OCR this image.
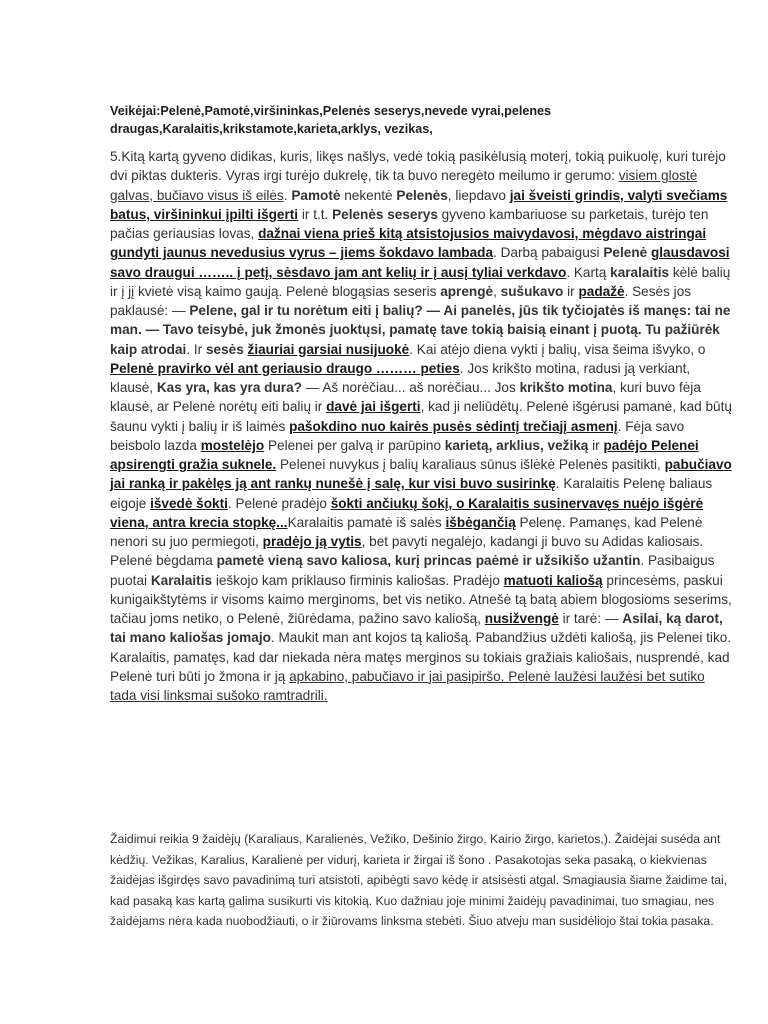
Veikėjai:Pelenė,Pamotė,viršininkas,Pelenės seserys,nevede vyrai,pelenes draugas,Karalaitis,krikstamote,karieta,arklys, vezikas,
5.Kitą kartą gyveno didikas, kuris, likęs našlys, vedė tokią pasikėlusią moterį, tokią puikuolę, kuri turėjo dvi piktas dukteris. Vyras irgi turėjo dukrelę, tik ta buvo neregėto meilumo ir gerumo: visiem glostė galvas, bučiavo visus iš eilės. Pamotė nekentė Pelenės, liepdavo jai šveisti grindis, valyti svečiams batus, viršininkui įpilti išgerti ir t.t. Pelenės seserys gyveno kambariuose su parketais, turėjo ten pačias geriausias lovas, dažnai viena prieš kitą atsistojusios maivydavosi, mėgdavo aistringai gundyti jaunus nevedusius vyrus – jiems šokdavo lambada. Darbą pabaigusi Pelenė glausdavosi savo draugui …….. į petį, sėsdavo jam ant kelių ir į ausį tyliai verkdavo. Kartą karalaitis kėlė balių ir į jį kvietė visą kaimo gaują. Pelenė blogąsias seseris aprengė, sušukavo ir padažė. Sesės jos paklausė: — Pelene, gal ir tu norėtum eiti į balių? — Ai panelės, jūs tik tyčiojatės iš manęs: tai ne man. — Tavo teisybė, juk žmonės juoktųsi, pamatę tave tokią baisią einant į puotą. Tu pažiūrėk kaip atrodai. Ir sesės žiauriai garsiai nusijuokė. Kai atėjo diena vykti į balių, visa šeima išvyko, o Pelenė pravirko vėl ant geriausio draugo ……… peties. Jos krikšto motina, radusi ją verkiant, klausė, Kas yra, kas yra dura? — Aš norėčiau... aš norėčiau... Jos krikšto motina, kuri buvo fėja klausė, ar Pelenė norėtų eiti balių ir davė jai išgerti, kad ji neliūdėtų. Pelenė išgėrusi pamanė, kad būtų šaunu vykti į balių ir iš laimės pašokdino nuo kairės pusės sėdintį trečiajį asmenį. Fėja savo beisbolo lazda mostelėjo Pelenei per galvą ir parūpino karietą, arklius, vežiką ir padėjo Pelenei apsirengti gražia suknele. Pelenei nuvykus į balių karaliaus sūnus išlėkė Pelenės pasitikti, pabučiavo jai ranką ir pakėlęs ją ant rankų nunešė į salę, kur visi buvo susirinkę. Karalaitis Pelenę baliaus eigoje išvedė šokti. Pelenė pradėjo šokti ančiukų šokį, o Karalaitis susinervavęs nuėjo išgėrė viena, antra krecia stopkę...Karalaitis pamatė iš salės išbėgančią Pelenę. Pamanęs, kad Pelenė nenori su juo permiegoti, pradėjo ją vytis, bet pavyti negalėjo, kadangi ji buvo su Adidas kaliosais. Pelenė bėgdama pametė vieną savo kaliosa, kurį princas paėmė ir užsikišo užantin. Pasibaigus puotai Karalaitis ieškojo kam priklauso firminis kaliošas. Pradėjo matuoti kaliošą princesėms, paskui kunigaikštytėms ir visoms kaimo merginoms, bet vis netiko. Atnešė tą batą abiem blogosioms seserims, tačiau joms netiko, o Pelenė, žiūrėdama, pažino savo kaliošą, nusižvengė ir tarė: — Asilai, ką darot, tai mano kaliošas jomajo. Maukit man ant kojos tą kaliošą. Pabandžius uždėti kaliošą, jis Pelenei tiko. Karalaitis, pamatęs, kad dar niekada nėra matęs merginos su tokiais gražiais kaliošais, nusprendė, kad Pelenė turi būti jo žmona ir ją apkabino, pabučiavo ir jai pasipiršo. Pelenė laužėsi laužėsi bet sutiko tada visi linksmai sušoko ramtradrili.
Žaidimui reikia 9 žaidėjų (Karaliaus, Karalienės, Vežiko, Dešinio žirgo, Kairio žirgo, karietos,). Žaidėjai suséda ant kėdžių. Vežikas, Karalius, Karalienė per vidurį, karieta ir žirgai iš šono . Pasakotojas seka pasaką, o kiekvienas žaidėjas išgirdęs savo pavadinimą turi atsistoti, apibėgti savo kėdę ir atsisėsti atgal. Smagiausia šiame žaidime tai, kad pasaką kas kartą galima susikurti vis kitokią. Kuo dažniau joje minimi žaidėjų pavadinimai, tuo smagiau, nes žaidėjams nėra kada nuobodžiauti, o ir žiūrovams linksma stebėti. Šiuo atveju man susidėliojo štai tokia pasaka.
